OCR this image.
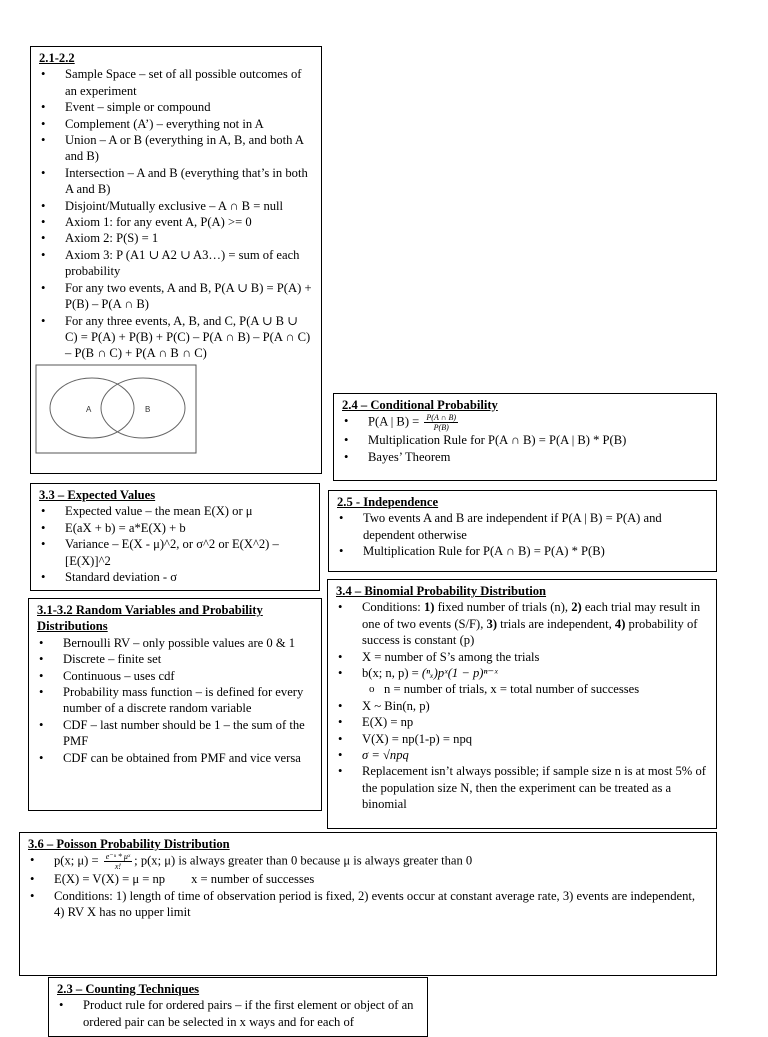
2.1-2.2
• Sample Space – set of all possible outcomes of an experiment
• Event – simple or compound
• Complement (A’) – everything not in A
• Union – A or B (everything in A, B, and both A and B)
• Intersection – A and B (everything that’s in both A and B)
• Disjoint/Mutually exclusive – A ∩ B = null
• Axiom 1: for any event A, P(A) >= 0
• Axiom 2: P(S) = 1
• Axiom 3: P (A1 ∪ A2 ∪ A3…) = sum of each probability
• For any two events, A and B, P(A ∪ B) = P(A) + P(B) – P(A ∩ B)
• For any three events, A, B, and C, P(A ∪ B ∪ C) = P(A) + P(B) + P(C) – P(A ∩ B) – P(A ∩ C) – P(B ∩ C) + P(A ∩ B ∩ C)
A	B	2.4 – Conditional Probability
• P(A | $B) = \frac{P(A \cap B)}{P(B)}$
• Multiplication Rule for P(A ∩ B) = P(A | B) * P(B)
• Bayes’ Theorem
3.3 – Expected Values
• Expected value – the mean E(X) or μ
• E(aX + b) = a*E(X) + b
• Variance – E(X - μ)^2, or σ^2 or E(X^2) – [E(X)]^2
• Standard deviation - σ
2.5 - Independence
• Two events A and B are independent if P(A | B) = P(A) and dependent otherwise
• Multiplication Rule for P(A ∩ B) = P(A) * P(B)
3.1-3.2 Random Variables and Probability Distributions
• Bernoulli RV – only possible values are 0 & 1
• Discrete – finite set
• Continuous – uses cdf
• Probability mass function – is defined for every number of a discrete random variable
• CDF – last number should be 1 – the sum of the PMF
• CDF can be obtained from PMF and vice versa
3.4 – Binomial Probability Distribution
• Conditions: 1) fixed number of trials (n), 2) each trial may result in one of two events (S/F), 3) trials are independent, 4) probability of success is constant (p)
• X = number of S’s among the trials
• b(x; n, p) = (ⁿₓ)pˣ(1 − p)ⁿ⁻ˣ
o n = number of trials, x = total number of successes
• X ~ Bin(n, p)
• E(X) = np
• V(X) = np(1-p) = npq
• σ = √npq
• Replacement isn’t always possible; if sample size n is at most 5% of the population size N, then the experiment can be treated as a binomial
3.6 – Poisson Probability Distribution
• p(x; $\mu) = \frac{\text{e⁻ᵘ * μˣ}}{x!}$ ; p(x; μ) is always greater than 0 because μ is always greater than 0
• E(X) = V(X) = μ = np x = number of successes
• Conditions: 1) length of time of observation period is fixed, 2) events occur at constant average rate, 3) events are independent, 4) RV X has no upper limit
2.3 – Counting Techniques
• Product rule for ordered pairs – if the first element or object of an ordered pair can be selected in x ways and for each of
